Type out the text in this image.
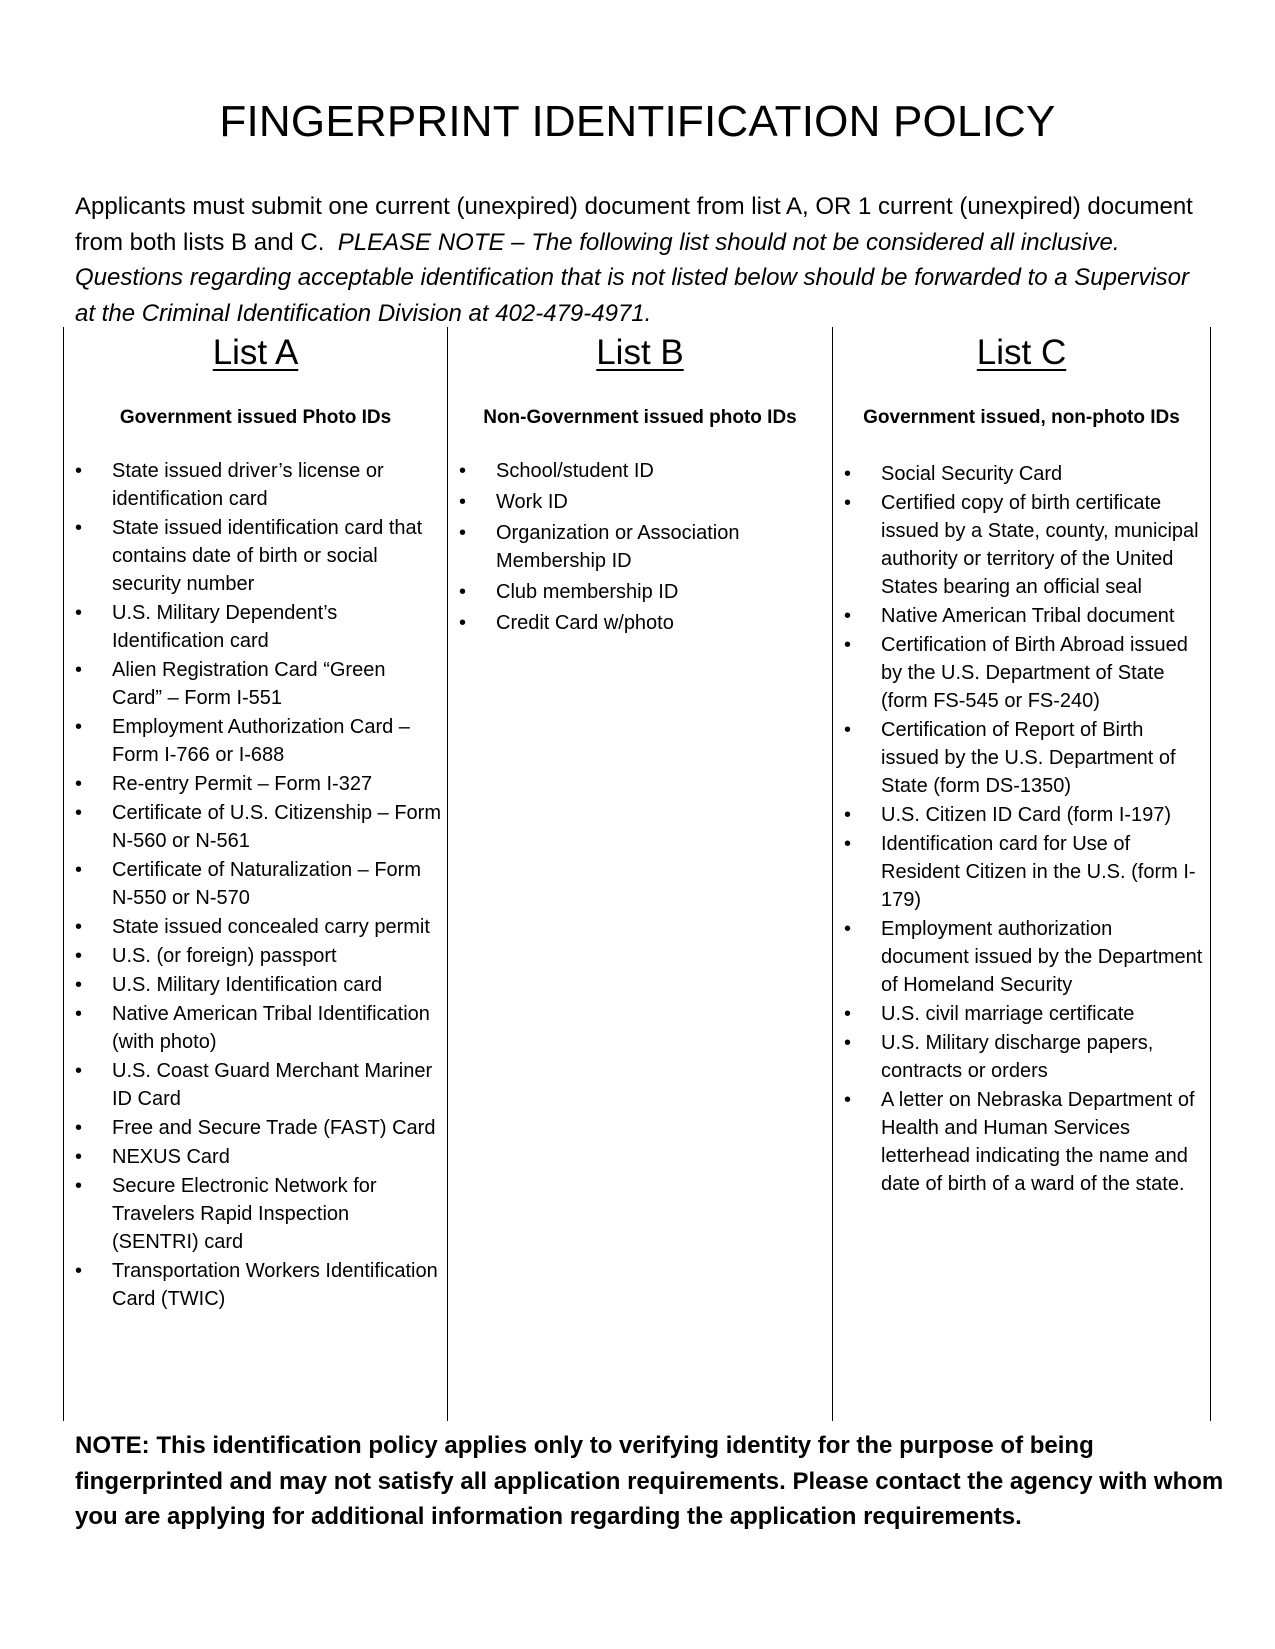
FINGERPRINT IDENTIFICATION POLICY
Applicants must submit one current (unexpired) document from list A, OR 1 current (unexpired) document from both lists B and C. PLEASE NOTE – The following list should not be considered all inclusive. Questions regarding acceptable identification that is not listed below should be forwarded to a Supervisor at the Criminal Identification Division at 402-479-4971.
List A
Government issued Photo IDs
• State issued driver’s license or identification card
• State issued identification card that contains date of birth or social security number
• U.S. Military Dependent’s Identification card
• Alien Registration Card “Green Card” – Form I-551
• Employment Authorization Card – Form I-766 or I-688
• Re-entry Permit – Form I-327
• Certificate of U.S. Citizenship – Form N-560 or N-561
• Certificate of Naturalization – Form N-550 or N-570
• State issued concealed carry permit
• U.S. (or foreign) passport
• U.S. Military Identification card
• Native American Tribal Identification (with photo)
• U.S. Coast Guard Merchant Mariner ID Card
• Free and Secure Trade (FAST) Card
• NEXUS Card
• Secure Electronic Network for Travelers Rapid Inspection (SENTRI) card
• Transportation Workers Identification Card (TWIC)
List B
Non-Government issued photo IDs
• School/student ID
• Work ID
• Organization or Association Membership ID
• Club membership ID
• Credit Card w/photo
List C
Government issued, non-photo IDs
• Social Security Card
• Certified copy of birth certificate issued by a State, county, municipal authority or territory of the United States bearing an official seal
• Native American Tribal document
• Certification of Birth Abroad issued by the U.S. Department of State (form FS-545 or FS-240)
• Certification of Report of Birth issued by the U.S. Department of State (form DS-1350)
• U.S. Citizen ID Card (form I-197)
• Identification card for Use of Resident Citizen in the U.S. (form I-179)
• Employment authorization document issued by the Department of Homeland Security
• U.S. civil marriage certificate
• U.S. Military discharge papers, contracts or orders
• A letter on Nebraska Department of Health and Human Services letterhead indicating the name and date of birth of a ward of the state.
NOTE: This identification policy applies only to verifying identity for the purpose of being fingerprinted and may not satisfy all application requirements. Please contact the agency with whom you are applying for additional information regarding the application requirements.
